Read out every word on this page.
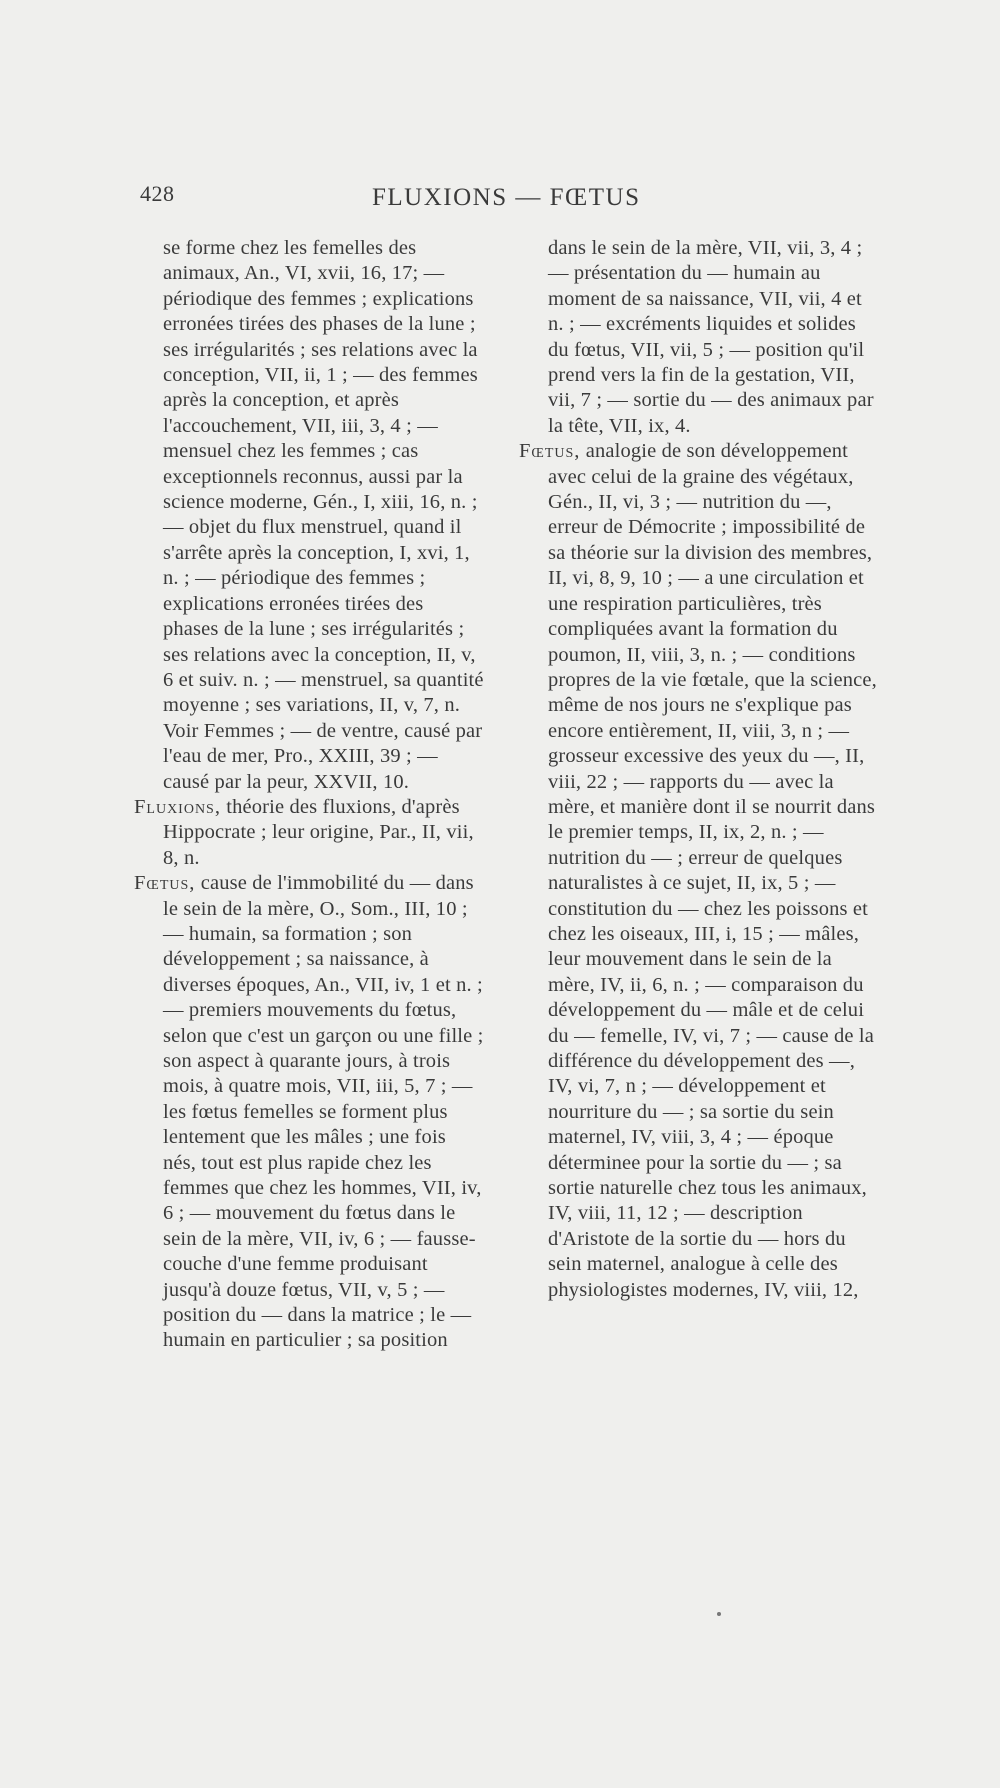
428	FLUXIONS — FŒTUS

se forme chez les femelles des animaux, An., VI, xvii, 16, 17; — périodique des femmes ; explications erronées tirées des phases de la lune ; ses irrégularités ; ses relations avec la conception, VII, ii, 1 ; — des femmes après la conception, et après l'accouchement, VII, iii, 3, 4 ; — mensuel chez les femmes ; cas exceptionnels reconnus, aussi par la science moderne, Gén., I, xiii, 16, n. ; — objet du flux menstruel, quand il s'arrête après la conception, I, xvi, 1, n. ; — périodique des femmes ; explications erronées tirées des phases de la lune ; ses irrégularités ; ses relations avec la conception, II, v, 6 et suiv. n. ; — menstruel, sa quantité moyenne ; ses variations, II, v, 7, n. Voir Femmes ; — de ventre, causé par l'eau de mer, Pro., XXIII, 39 ; — causé par la peur, XXVII, 10.

Fluxions, théorie des fluxions, d'après Hippocrate ; leur origine, Par., II, vii, 8, n.

Fœtus, cause de l'immobilité du — dans le sein de la mère, O., Som., III, 10 ; — humain, sa formation ; son développement ; sa naissance, à diverses époques, An., VII, iv, 1 et n. ; — premiers mouvements du fœtus, selon que c'est un garçon ou une fille ; son aspect à quarante jours, à trois mois, à quatre mois, VII, iii, 5, 7 ; — les fœtus femelles se forment plus lentement que les mâles ; une fois nés, tout est plus rapide chez les femmes que chez les hommes, VII, iv, 6 ; — mouvement du fœtus dans le sein de la mère, VII, iv, 6 ; — fausse-couche d'une femme produisant jusqu'à douze fœtus, VII, v, 5 ; — position du — dans la matrice ; le — humain en particulier ; sa position

dans le sein de la mère, VII, vii, 3, 4 ; — présentation du — humain au moment de sa naissance, VII, vii, 4 et n. ; — excréments liquides et solides du fœtus, VII, vii, 5 ; — position qu'il prend vers la fin de la gestation, VII, vii, 7 ; — sortie du — des animaux par la tête, VII, ix, 4.

Fœtus, analogie de son développement avec celui de la graine des végétaux, Gén., II, vi, 3 ; — nutrition du —, erreur de Démocrite ; impossibilité de sa théorie sur la division des membres, II, vi, 8, 9, 10 ; — a une circulation et une respiration particulières, très compliquées avant la formation du poumon, II, viii, 3, n. ; — conditions propres de la vie fœtale, que la science, même de nos jours ne s'explique pas encore entièrement, II, viii, 3, n ; — grosseur excessive des yeux du —, II, viii, 22 ; — rapports du — avec la mère, et manière dont il se nourrit dans le premier temps, II, ix, 2, n. ; — nutrition du — ; erreur de quelques naturalistes à ce sujet, II, ix, 5 ; — constitution du — chez les poissons et chez les oiseaux, III, i, 15 ; — mâles, leur mouvement dans le sein de la mère, IV, ii, 6, n. ; — comparaison du développement du — mâle et de celui du — femelle, IV, vi, 7 ; — cause de la différence du développement des —, IV, vi, 7, n ; — développement et nourriture du — ; sa sortie du sein maternel, IV, viii, 3, 4 ; — époque déterminee pour la sortie du — ; sa sortie naturelle chez tous les animaux, IV, viii, 11, 12 ; — description d'Aristote de la sortie du — hors du sein maternel, analogue à celle des physiologistes modernes, IV, viii, 12,
